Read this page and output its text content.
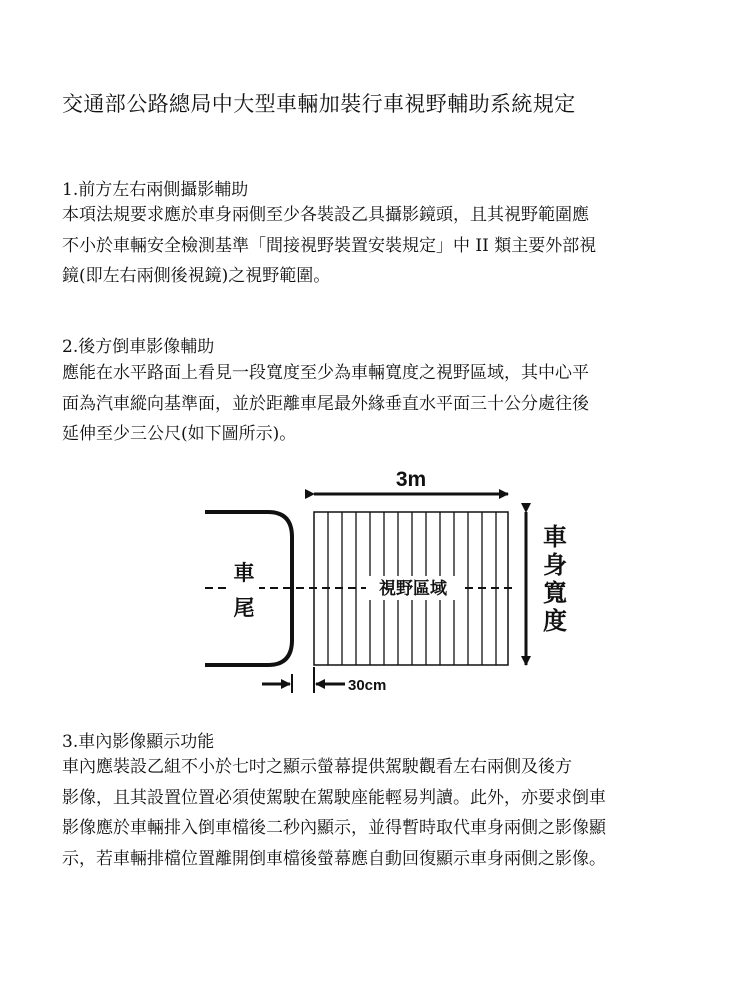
交通部公路總局中大型車輛加裝行車視野輔助系統規定
1.前方左右兩側攝影輔助
本項法規要求應於車身兩側至少各裝設乙具攝影鏡頭，且其視野範圍應
不小於車輛安全檢測基準「間接視野裝置安裝規定」中 II 類主要外部視
鏡(即左右兩側後視鏡)之視野範圍。
2.後方倒車影像輔助
應能在水平路面上看見一段寬度至少為車輛寬度之視野區域，其中心平
面為汽車縱向基準面，並於距離車尾最外緣垂直水平面三十公分處往後
延伸至少三公尺(如下圖所示)。
視野區域
車
尾
3m
車
身
寬
度
30cm
3.車內影像顯示功能
車內應裝設乙組不小於七吋之顯示螢幕提供駕駛觀看左右兩側及後方
影像，且其設置位置必須使駕駛在駕駛座能輕易判讀。此外，亦要求倒車
影像應於車輛排入倒車檔後二秒內顯示，並得暫時取代車身兩側之影像顯
示，若車輛排檔位置離開倒車檔後螢幕應自動回復顯示車身兩側之影像。
